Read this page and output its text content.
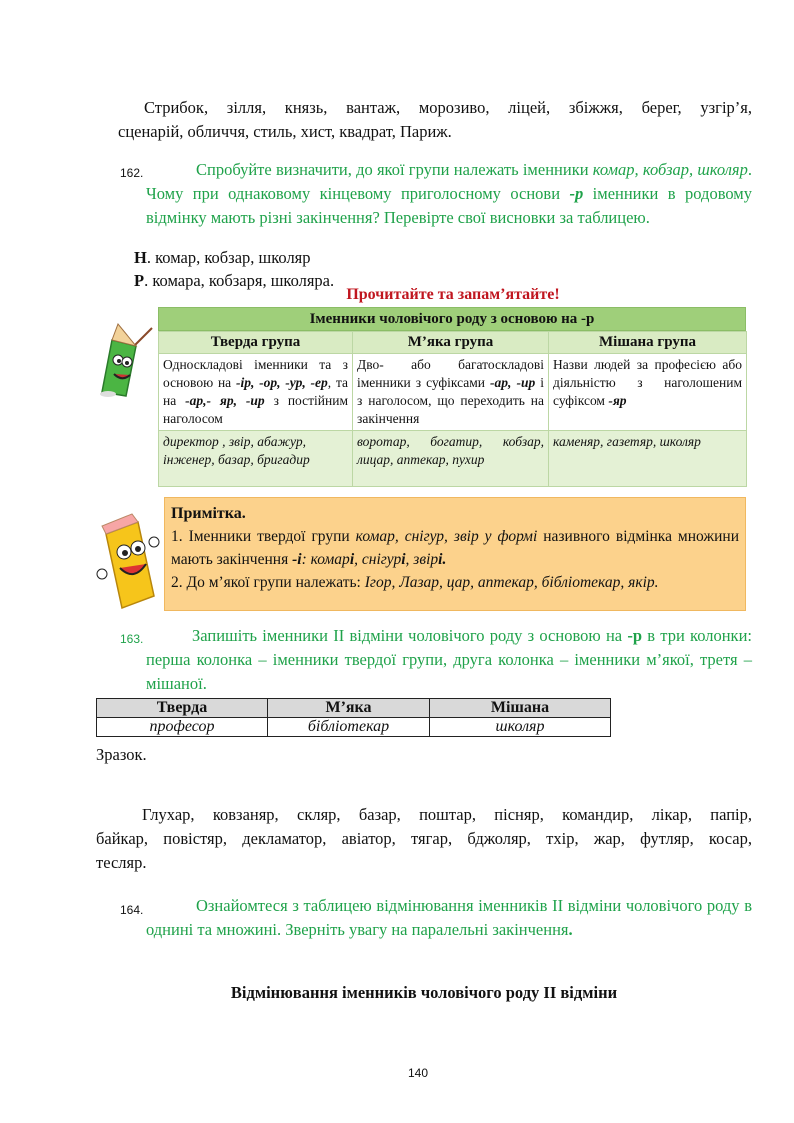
Стрибок, зілля, князь, вантаж, морозиво, ліцей, збіжжя, берег, узгір’я,
сценарій, обличчя, стиль, хист, квадрат, Париж.
162.	Спробуйте визначити, до якої групи належать іменники комар, кобзар, школяр. Чому при однаковому кінцевому приголосному основи -р іменники в родовому відмінку мають різні закінчення? Перевірте свої висновки за таблицею.
Н. комар, кобзар, школяр
Р. комара, кобзаря, школяра.
Прочитайте та запам’ятайте!
Іменники чоловічого роду з основою на -р
Тверда група	М’яка група	Мішана група
Односкладові іменники та з основою на -ір, -ор, -ур, -ер, та на -ар,- яр, -ир з постійним наголосом	Дво- або багатоскладові іменники з суфіксами -ар, -ир і з наголосом, що переходить на закінчення	Назви людей за професією або діяльністю з наголошеним суфіксом -яр
директор , звір, абажур, інженер, базар, бригадир	воротар, богатир, кобзар, лицар, аптекар, пухир	каменяр, газетяр, школяр
Примітка.
1. Іменники твердої групи комар, снігур, звір у формі називного відмінка множини мають закінчення -і: комарі, снігурі, звірі.
2. До м’якої групи належать: Ігор, Лазар, цар, аптекар, бібліотекар, якір.
163.	Запишіть іменники ІІ відміни чоловічого роду з основою на -р в три колонки: перша колонка – іменники твердої групи, друга колонка – іменники м’якої, третя – мішаної.
Тверда	М’яка	Мішана
професор	бібліотекар	школяр
Зразок.
Глухар, ковзаняр, скляр, базар, поштар, пісняр, командир, лікар, папір,
байкар, повістяр, декламатор, авіатор, тягар, бджоляр, тхір, жар, футляр, косар,
тесляр.
164.	Ознайомтеся з таблицею відмінювання іменників ІІ відміни чоловічого роду в однині та множині. Зверніть увагу на паралельні закінчення.
Відмінювання іменників чоловічого роду ІІ відміни
140
